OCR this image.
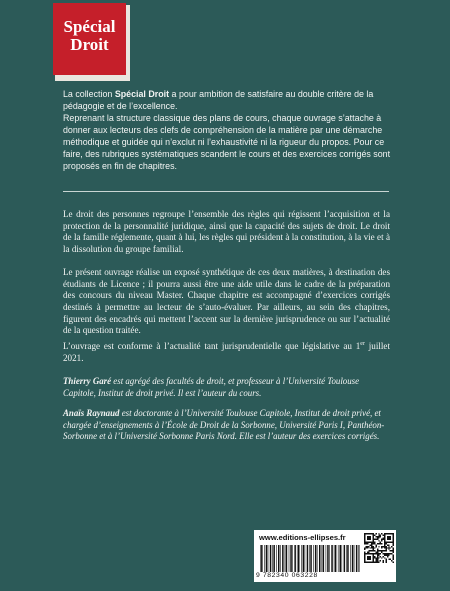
Spécial
Droit

La collection Spécial Droit a pour ambition de satisfaire au double critère de la pédagogie et de l’excellence.

Reprenant la structure classique des plans de cours, chaque ouvrage s’attache à donner aux lecteurs des clefs de compréhension de la matière par une démarche méthodique et guidée qui n’exclut ni l’exhaustivité ni la rigueur du propos. Pour ce faire, des rubriques systématiques scandent le cours et des exercices corrigés sont proposés en fin de chapitres.

Le droit des personnes regroupe l’ensemble des règles qui régissent l’acquisition et la protection de la personnalité juridique, ainsi que la capacité des sujets de droit. Le droit de la famille réglemente, quant à lui, les règles qui président à la constitution, à la vie et à la dissolution du groupe familial.

Le présent ouvrage réalise un exposé synthétique de ces deux matières, à destination des étudiants de Licence ; il pourra aussi être une aide utile dans le cadre de la préparation des concours du niveau Master. Chaque chapitre est accompagné d’exercices corrigés destinés à permettre au lecteur de s’auto-évaluer. Par ailleurs, au sein des chapitres, figurent des encadrés qui mettent l’accent sur la dernière jurisprudence ou sur l’actualité de la question traitée.

L’ouvrage est conforme à l’actualité tant jurisprudentielle que législative au 1er juillet 2021.

Thierry Garé est agrégé des facultés de droit, et professeur à l’Université Toulouse Capitole, Institut de droit privé. Il est l’auteur du cours.

Anaïs Raynaud est doctorante à l’Université Toulouse Capitole, Institut de droit privé, et chargée d’enseignements à l’École de Droit de la Sorbonne, Université Paris I, Panthéon-Sorbonne et à l’Université Sorbonne Paris Nord. Elle est l’auteur des exercices corrigés.

www.editions-ellipses.fr
9 782340 063228
